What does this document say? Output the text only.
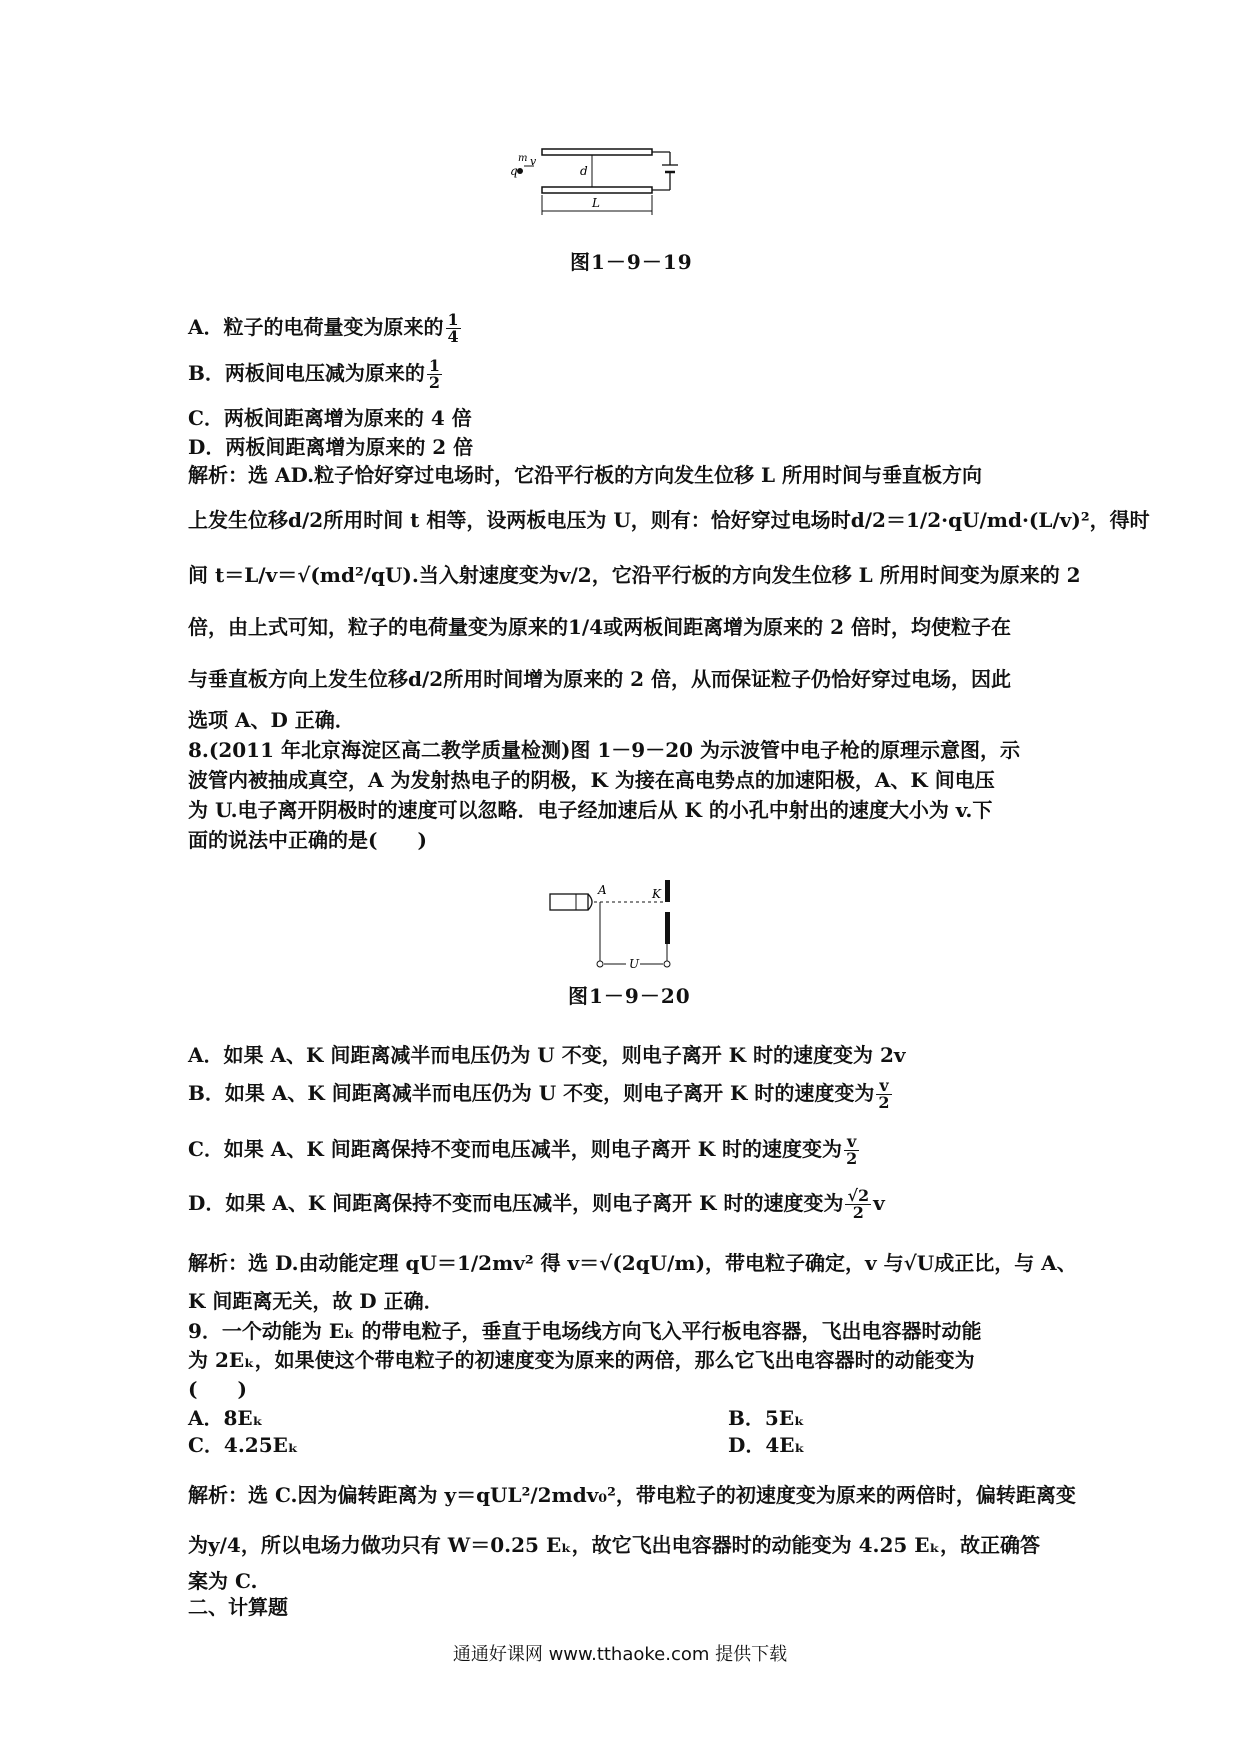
q
m v
d
L
图1－9－19
A．粒子的电荷量变为原来的 $\frac{1}{4}$
B．两板间电压减为原来的 $\frac{1}{2}$
C．两板间距离增为原来的 4 倍
D．两板间距离增为原来的 2 倍
解析：选 AD.粒子恰好穿过电场时，它沿平行板的方向发生位移 L 所用时间与垂直板方向
上发生位移d/2所用时间 t 相等，设两板电压为 U，则有：恰好穿过电场时d/2＝1/2·qU/md·(L/v)²，得时
间 t＝L/v＝√(md²/qU).当入射速度变为v/2，它沿平行板的方向发生位移 L 所用时间变为原来的 2
倍，由上式可知，粒子的电荷量变为原来的1/4或两板间距离增为原来的 2 倍时，均使粒子在
与垂直板方向上发生位移d/2所用时间增为原来的 2 倍，从而保证粒子仍恰好穿过电场，因此
选项 A、D 正确．
8.(2011 年北京海淀区高二教学质量检测)图 1－9－20 为示波管中电子枪的原理示意图，示
波管内被抽成真空，A 为发射热电子的阴极，K 为接在高电势点的加速阳极，A、K 间电压
为 U.电子离开阴极时的速度可以忽略．电子经加速后从 K 的小孔中射出的速度大小为 v.下
面的说法中正确的是(　　)
A	K
U
图1－9－20
A．如果 A、K 间距离减半而电压仍为 U 不变，则电子离开 K 时的速度变为 2v
B．如果 A、K 间距离减半而电压仍为 U 不变，则电子离开 K 时的速度变为 $\frac{v}{2}$
C．如果 A、K 间距离保持不变而电压减半，则电子离开 K 时的速度变为 $\frac{v}{2}$
D．如果 A、K 间距离保持不变而电压减半，则电子离开 K 时的速度变为 $\frac{√2}{2}$ v
解析：选 D.由动能定理 qU＝1/2mv² 得 v＝√(2qU/m)，带电粒子确定，v 与√U成正比，与 A、
K 间距离无关，故 D 正确．
9．一个动能为 Eₖ 的带电粒子，垂直于电场线方向飞入平行板电容器，飞出电容器时动能
为 2Eₖ，如果使这个带电粒子的初速度变为原来的两倍，那么它飞出电容器时的动能变为
(　　)
A．8Eₖ	B．5Eₖ
C．4.25Eₖ	D．4Eₖ
解析：选 C.因为偏转距离为 y＝qUL²/2mdv₀²，带电粒子的初速度变为原来的两倍时，偏转距离变
为y/4，所以电场力做功只有 W＝0.25 Eₖ，故它飞出电容器时的动能变为 4.25 Eₖ，故正确答
案为 C.
二、计算题
通通好课网 www.tthaoke.com 提供下载
